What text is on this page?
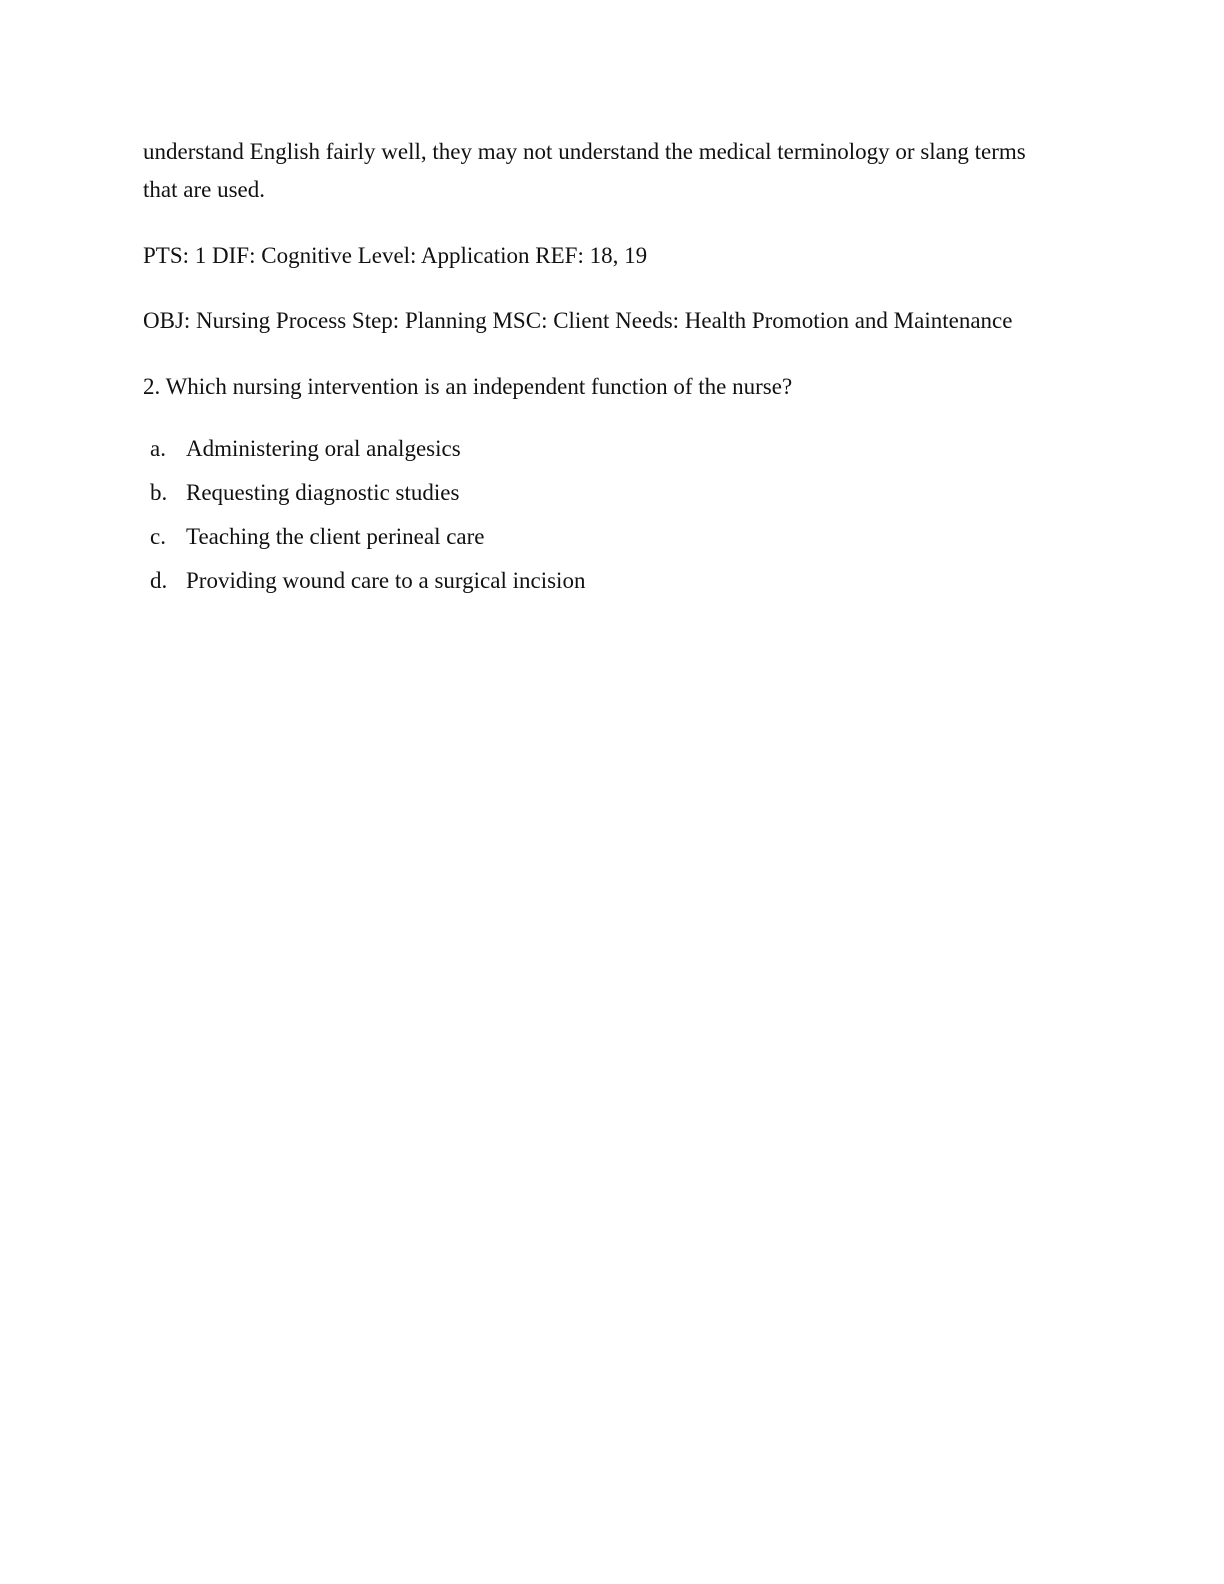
understand English fairly well, they may not understand the medical terminology or slang terms
that are used.
PTS: 1 DIF: Cognitive Level: Application REF: 18, 19
OBJ: Nursing Process Step: Planning MSC: Client Needs: Health Promotion and Maintenance
2. Which nursing intervention is an independent function of the nurse?
a. Administering oral analgesics
b. Requesting diagnostic studies
c. Teaching the client perineal care
d. Providing wound care to a surgical incision
